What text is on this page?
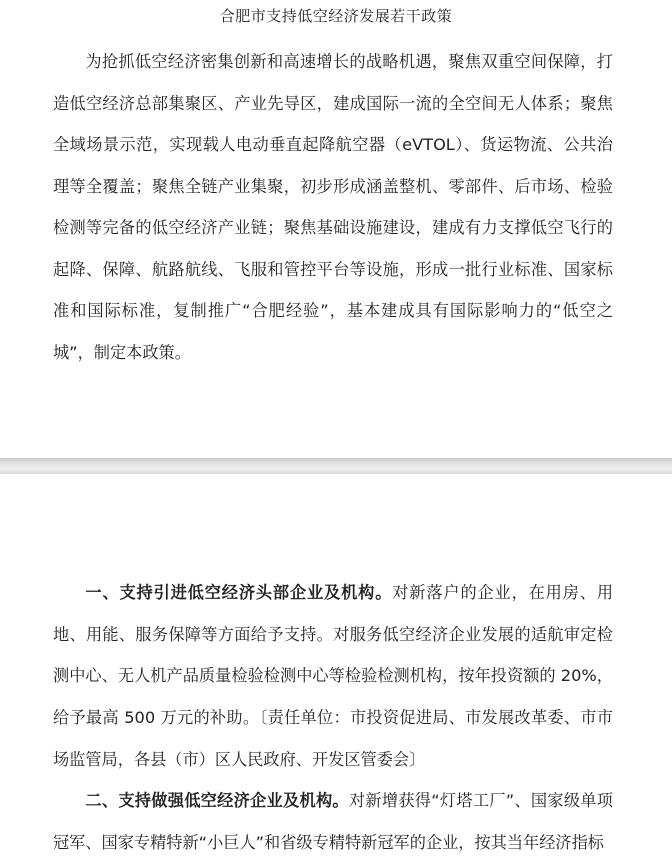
合肥市支持低空经济发展若干政策

为抢抓低空经济密集创新和高速增长的战略机遇，聚焦双重空间保障，打造低空经济总部集聚区、产业先导区，建成国际一流的全空间无人体系；聚焦全域场景示范，实现载人电动垂直起降航空器（eVTOL）、货运物流、公共治理等全覆盖；聚焦全链产业集聚，初步形成涵盖整机、零部件、后市场、检验检测等完备的低空经济产业链；聚焦基础设施建设，建成有力支撑低空飞行的起降、保障、航路航线、飞服和管控平台等设施，形成一批行业标准、国家标准和国际标准，复制推广“合肥经验”，基本建成具有国际影响力的“低空之城”，制定本政策。

一、支持引进低空经济头部企业及机构。对新落户的企业，在用房、用地、用能、服务保障等方面给予支持。对服务低空经济企业发展的适航审定检测中心、无人机产品质量检验检测中心等检验检测机构，按年投资额的 20%，给予最高 500 万元的补助。〔责任单位：市投资促进局、市发展改革委、市市场监管局，各县（市）区人民政府、开发区管委会〕

二、支持做强低空经济企业及机构。对新增获得“灯塔工厂”、国家级单项冠军、国家专精特新“小巨人”和省级专精特新冠军的企业，按其当年经济指标
